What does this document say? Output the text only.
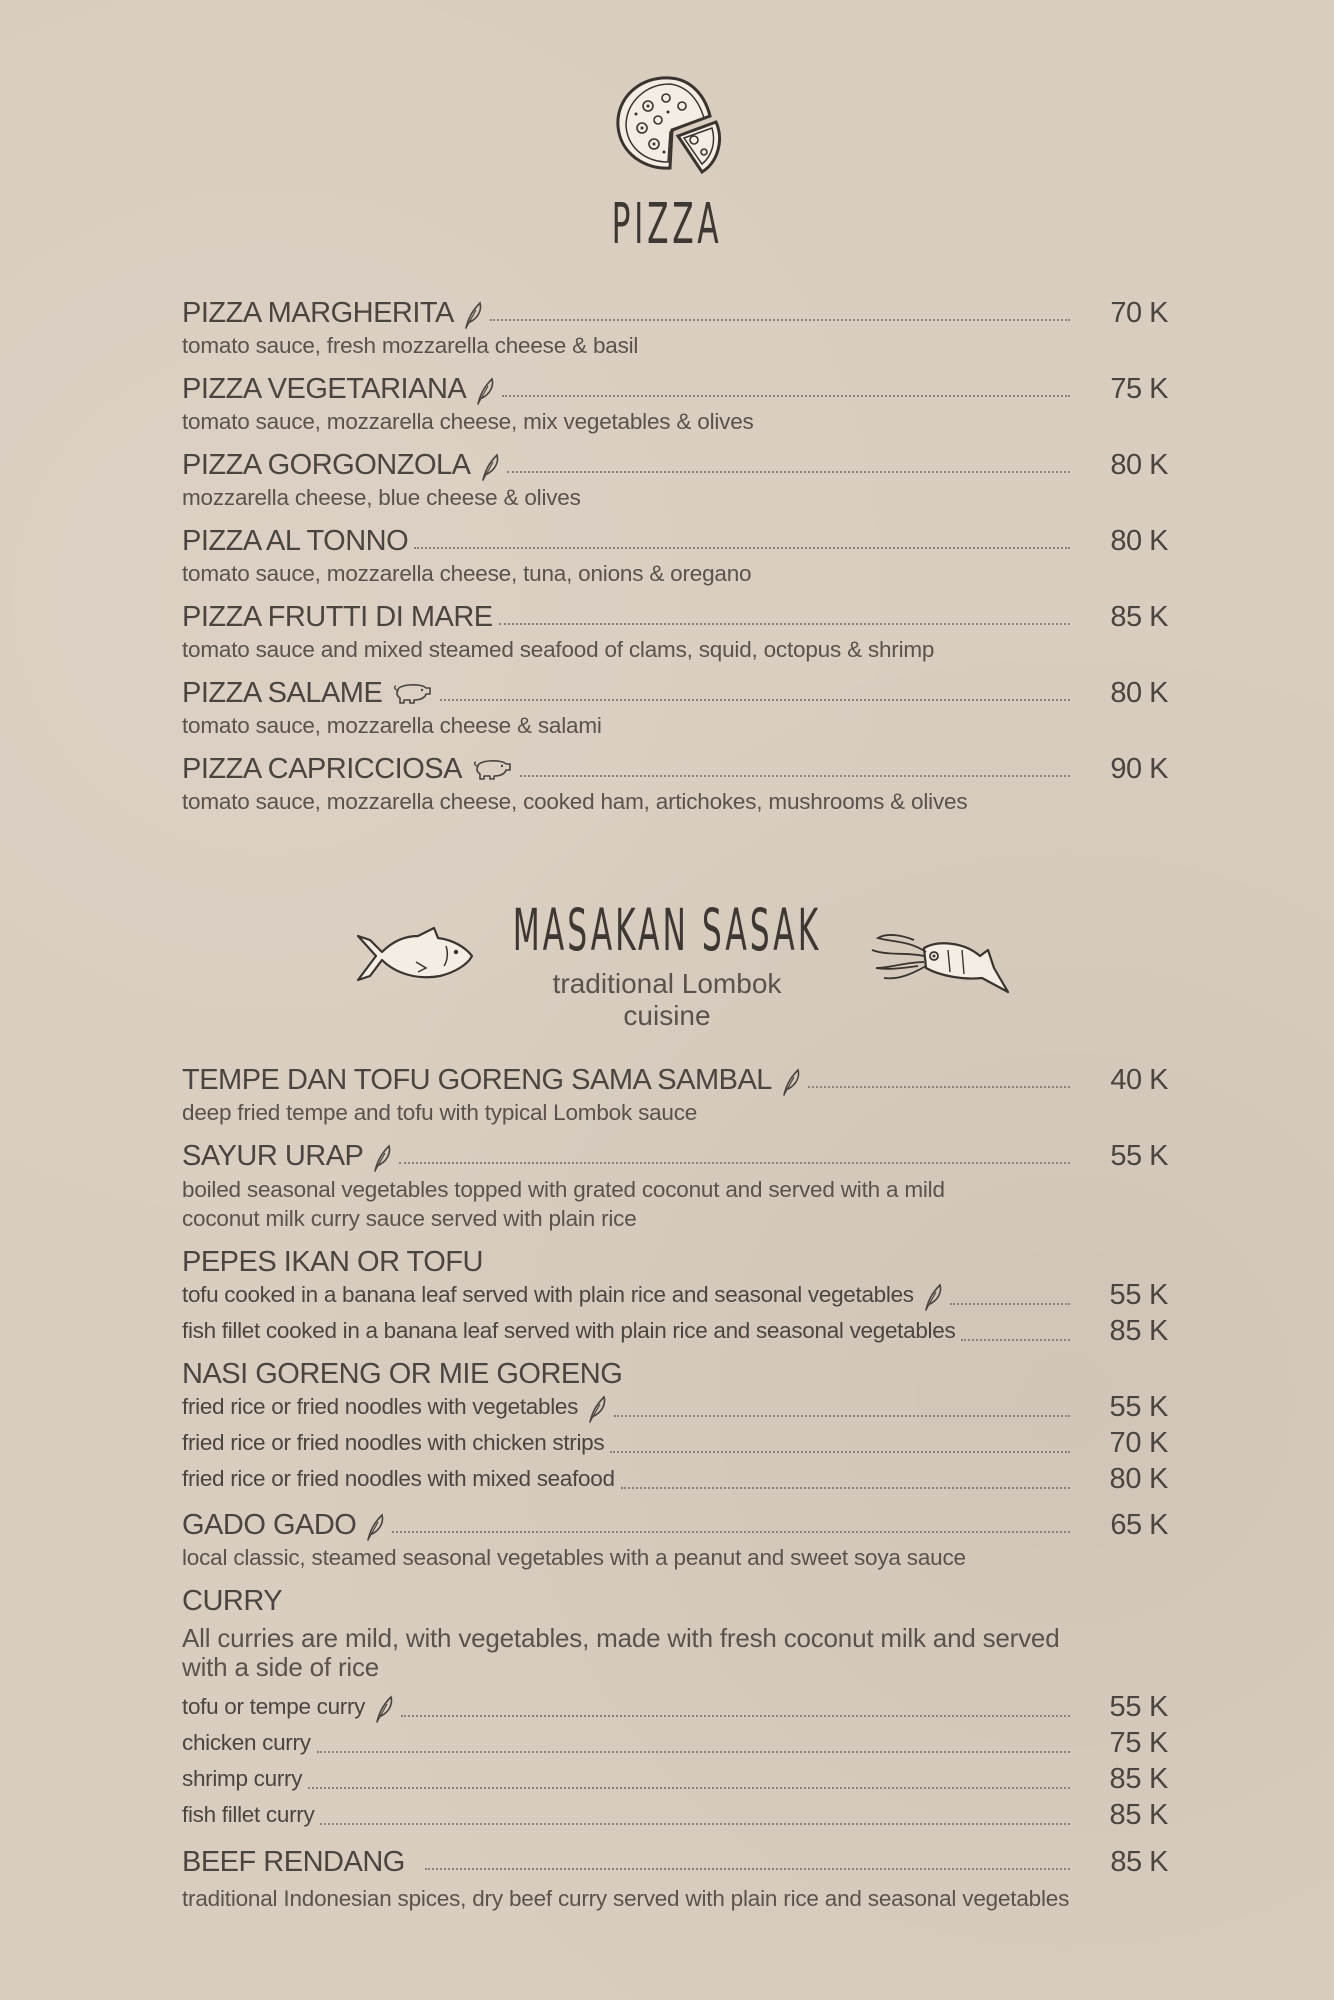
PIZZA
PIZZA MARGHERITA	70 K
tomato sauce, fresh mozzarella cheese & basil
PIZZA VEGETARIANA	75 K
tomato sauce, mozzarella cheese, mix vegetables & olives
PIZZA GORGONZOLA	80 K
mozzarella cheese, blue cheese & olives
PIZZA AL TONNO	80 K
tomato sauce, mozzarella cheese, tuna, onions & oregano
PIZZA FRUTTI DI MARE	85 K
tomato sauce and mixed steamed seafood of clams, squid, octopus & shrimp
PIZZA SALAME	80 K
tomato sauce, mozzarella cheese & salami
PIZZA CAPRICCIOSA	90 K
tomato sauce, mozzarella cheese, cooked ham, artichokes, mushrooms & olives
MASAKAN SASAK
traditional Lombok
cuisine
TEMPE DAN TOFU GORENG SAMA SAMBAL	40 K
deep fried tempe and tofu with typical Lombok sauce
SAYUR URAP	55 K
boiled seasonal vegetables topped with grated coconut and served with a mild
coconut milk curry sauce served with plain rice
PEPES IKAN OR TOFU
tofu cooked in a banana leaf served with plain rice and seasonal vegetables	55 K
fish fillet cooked in a banana leaf served with plain rice and seasonal vegetables	85 K
NASI GORENG OR MIE GORENG
fried rice or fried noodles with vegetables	55 K
fried rice or fried noodles with chicken strips	70 K
fried rice or fried noodles with mixed seafood	80 K
GADO GADO	65 K
local classic, steamed seasonal vegetables with a peanut and sweet soya sauce
CURRY
All curries are mild, with vegetables, made with fresh coconut milk and served
with a side of rice
tofu or tempe curry	55 K
chicken curry	75 K
shrimp curry	85 K
fish fillet curry	85 K
BEEF RENDANG	85 K
traditional Indonesian spices, dry beef curry served with plain rice and seasonal vegetables
